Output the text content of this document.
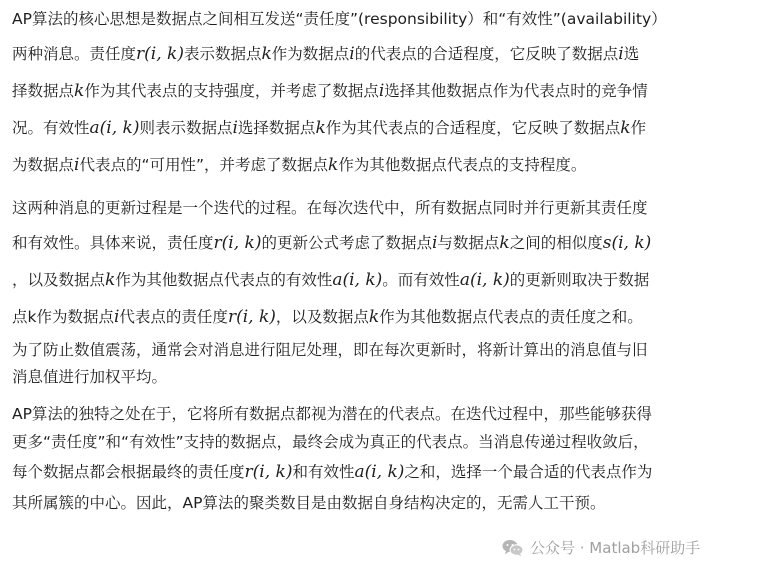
AP算法的核心思想是数据点之间相互发送“责任度”(responsibility）和“有效性”(availability）

两种消息。责任度r(i, k)表示数据点k作为数据点i的代表点的合适程度，它反映了数据点i选

择数据点k作为其代表点的支持强度，并考虑了数据点i选择其他数据点作为代表点时的竞争情

况。有效性a(i, k)则表示数据点i选择数据点k作为其代表点的合适程度，它反映了数据点k作

为数据点i代表点的“可用性”，并考虑了数据点k作为其他数据点代表点的支持程度。

这两种消息的更新过程是一个迭代的过程。在每次迭代中，所有数据点同时并行更新其责任度

和有效性。具体来说，责任度r(i, k)的更新公式考虑了数据点i与数据点k之间的相似度s(i, k)

，以及数据点k作为其他数据点代表点的有效性a(i, k)。而有效性a(i, k)的更新则取决于数据

点k作为数据点i代表点的责任度r(i, k)，以及数据点k作为其他数据点代表点的责任度之和。

为了防止数值震荡，通常会对消息进行阻尼处理，即在每次更新时，将新计算出的消息值与旧

消息值进行加权平均。

AP算法的独特之处在于，它将所有数据点都视为潜在的代表点。在迭代过程中，那些能够获得

更多“责任度”和“有效性”支持的数据点，最终会成为真正的代表点。当消息传递过程收敛后，

每个数据点都会根据最终的责任度r(i, k)和有效性a(i, k)之和，选择一个最合适的代表点作为

其所属簇的中心。因此，AP算法的聚类数目是由数据自身结构决定的，无需人工干预。

公众号 · Matlab科研助手
